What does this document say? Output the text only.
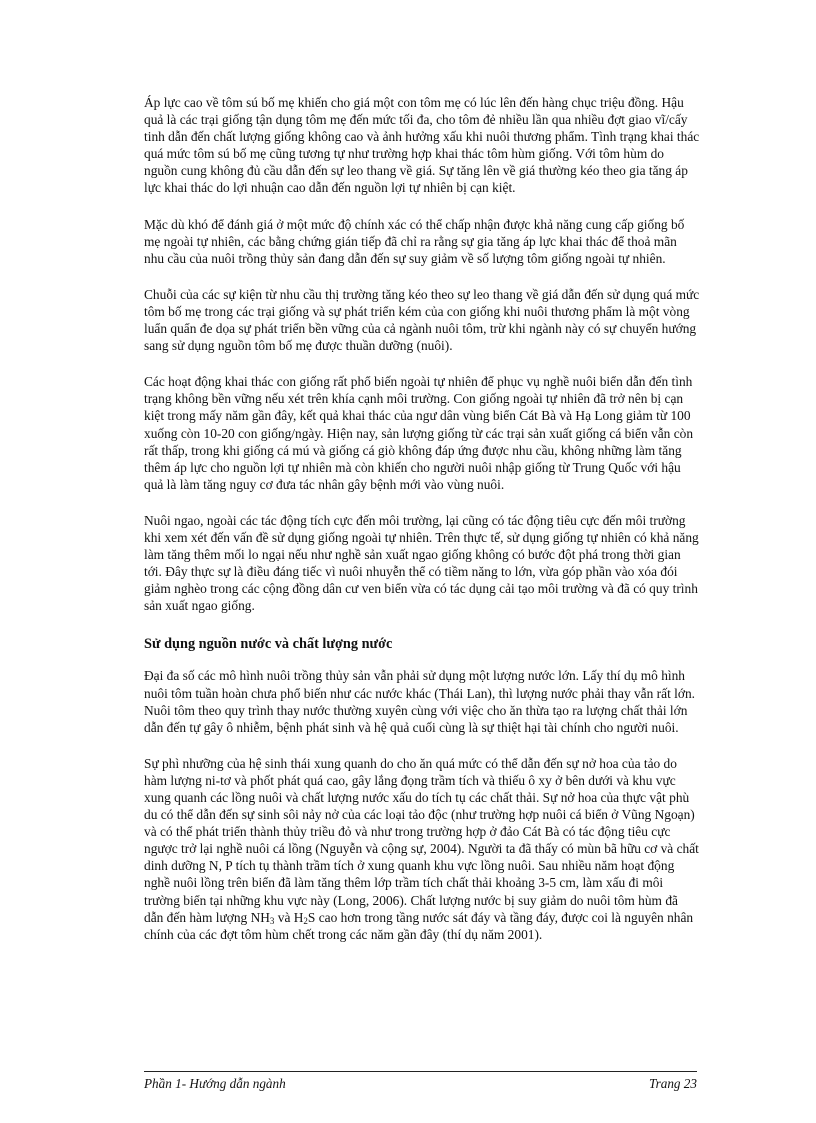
Áp lực cao về tôm sú bố mẹ khiến cho giá một con tôm mẹ có lúc lên đến hàng chục triệu đồng. Hậu quả là các trại giống tận dụng tôm mẹ đến mức tối đa, cho tôm đẻ nhiều lần qua nhiều đợt giao vĩ/cấy tinh dẫn đến chất lượng giống không cao và ảnh hưởng xấu khi nuôi thương phẩm. Tình trạng khai thác quá mức tôm sú bố mẹ cũng tương tự như trường hợp khai thác tôm hùm giống. Với tôm hùm do nguồn cung không đủ cầu dẫn đến sự leo thang về giá. Sự tăng lên về giá thường kéo theo gia tăng áp lực khai thác do lợi nhuận cao dẫn đến nguồn lợi tự nhiên bị cạn kiệt.

Mặc dù khó để đánh giá ở một mức độ chính xác có thể chấp nhận được khả năng cung cấp giống bố mẹ ngoài tự nhiên, các bằng chứng gián tiếp đã chỉ ra rằng sự gia tăng áp lực khai thác để thoả mãn nhu cầu của nuôi trồng thủy sản đang dẫn đến sự suy giảm về số lượng tôm giống ngoài tự nhiên.

Chuỗi của các sự kiện từ nhu cầu thị trường tăng kéo theo sự leo thang về giá dẫn đến sử dụng quá mức tôm bố mẹ trong các trại giống và sự phát triển kém của con giống khi nuôi thương phẩm là một vòng luẩn quẩn đe dọa sự phát triển bền vững của cả ngành nuôi tôm, trừ khi ngành này có sự chuyển hướng sang sử dụng nguồn tôm bố mẹ được thuần dưỡng (nuôi).

Các hoạt động khai thác con giống rất phổ biến ngoài tự nhiên để phục vụ nghề nuôi biển dẫn đến tình trạng không bền vững nếu xét trên khía cạnh môi trường. Con giống ngoài tự nhiên đã trở nên bị cạn kiệt trong mấy năm gần đây, kết quả khai thác của ngư dân vùng biển Cát Bà và Hạ Long giảm từ 100 xuống còn 10-20 con giống/ngày. Hiện nay, sản lượng giống từ các trại sản xuất giống cá biển vẫn còn rất thấp, trong khi giống cá mú và giống cá giò không đáp ứng được nhu cầu, không những làm tăng thêm áp lực cho nguồn lợi tự nhiên mà còn khiến cho người nuôi nhập giống từ Trung Quốc với hậu quả là làm tăng nguy cơ đưa tác nhân gây bệnh mới vào vùng nuôi.

Nuôi ngao, ngoài các tác động tích cực đến môi trường, lại cũng có tác động tiêu cực đến môi trường khi xem xét đến vấn đề sử dụng giống ngoài tự nhiên. Trên thực tế, sử dụng giống tự nhiên có khả năng làm tăng thêm mối lo ngại nếu như nghề sản xuất ngao giống không có bước đột phá trong thời gian tới. Đây thực sự là điều đáng tiếc vì nuôi nhuyễn thể có tiềm năng to lớn, vừa góp phần vào xóa đói giảm nghèo trong các cộng đồng dân cư ven biển vừa có tác dụng cải tạo môi trường và đã có quy trình sản xuất ngao giống.

Sử dụng nguồn nước và chất lượng nước

Đại đa số các mô hình nuôi trồng thủy sản vẫn phải sử dụng một lượng nước lớn. Lấy thí dụ mô hình nuôi tôm tuần hoàn chưa phổ biến như các nước khác (Thái Lan), thì lượng nước phải thay vẫn rất lớn. Nuôi tôm theo quy trình thay nước thường xuyên cùng với việc cho ăn thừa tạo ra lượng chất thải lớn dẫn đến tự gây ô nhiễm, bệnh phát sinh và hệ quả cuối cùng là sự thiệt hại tài chính cho người nuôi.

Sự phì nhưỡng của hệ sinh thái xung quanh do cho ăn quá mức có thể dẫn đến sự nở hoa của tảo do hàm lượng ni-tơ và phốt phát quá cao, gây lắng đọng trầm tích và thiếu ô xy ở bên dưới và khu vực xung quanh các lồng nuôi và chất lượng nước xấu do tích tụ các chất thải. Sự nở hoa của thực vật phù du có thể dẫn đến sự sinh sôi nảy nở của các loại tảo độc (như trường hợp nuôi cá biển ở Vũng Ngoạn) và có thể phát triển thành thủy triều đỏ và như trong trường hợp ở đảo Cát Bà có tác động tiêu cực ngược trở lại nghề nuôi cá lồng (Nguyễn và cộng sự, 2004). Người ta đã thấy có mùn bã hữu cơ và chất dinh dưỡng N, P tích tụ thành trầm tích ở xung quanh khu vực lồng nuôi. Sau nhiều năm hoạt động nghề nuôi lồng trên biển đã làm tăng thêm lớp trầm tích chất thải khoảng 3-5 cm, làm xấu đi môi trường biển tại những khu vực này (Long, 2006). Chất lượng nước bị suy giảm do nuôi tôm hùm đã dẫn đến hàm lượng $NH_3$ và $H_2S$ cao hơn trong tầng nước sát đáy và tầng đáy, được coi là nguyên nhân chính của các đợt tôm hùm chết trong các năm gần đây (thí dụ năm 2001).

Phần 1- Hướng dẫn ngành	Trang 23
